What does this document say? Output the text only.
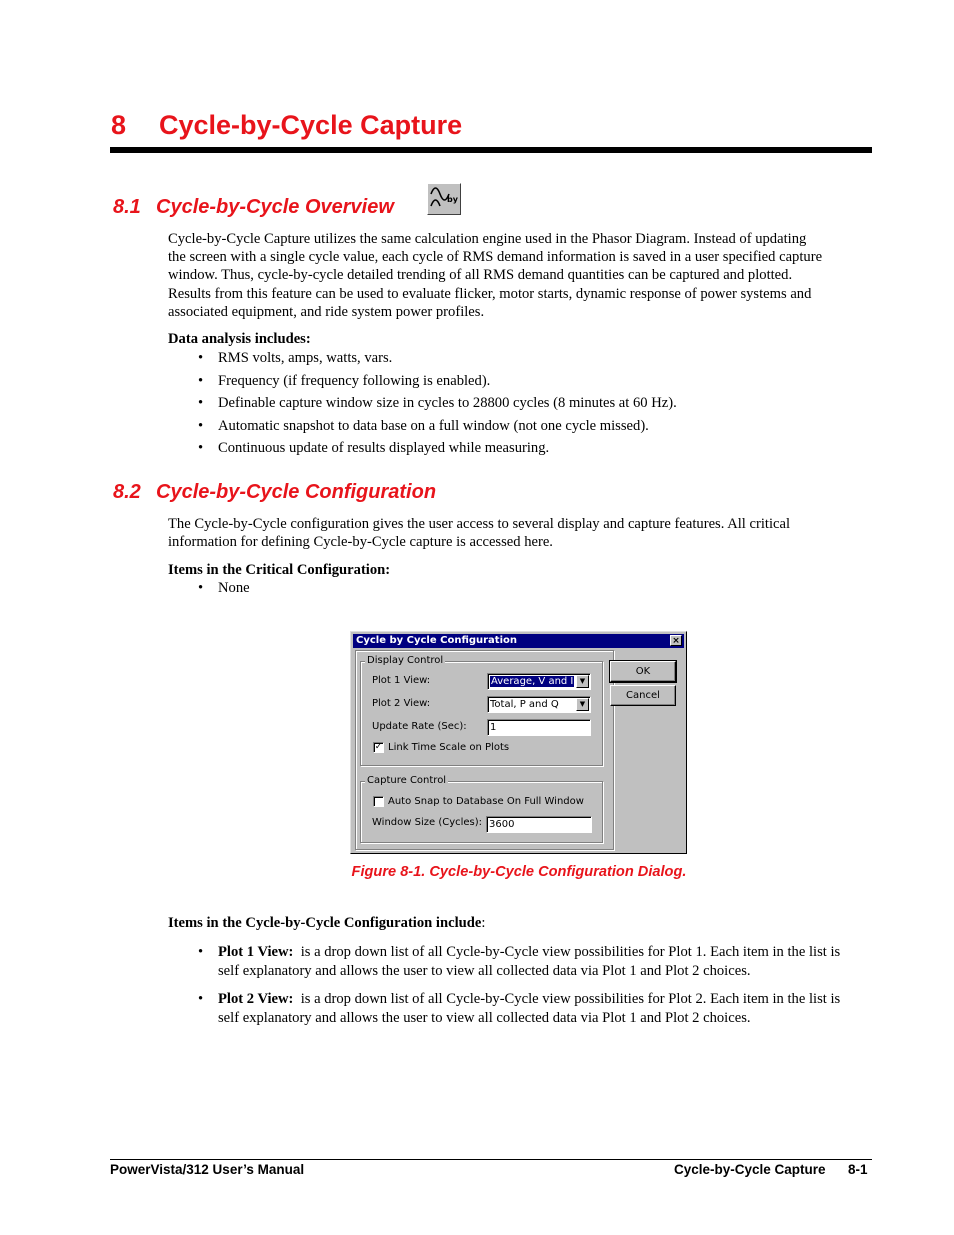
8 Cycle-by-Cycle Capture
8.1 Cycle-by-Cycle Overview	by
Cycle-by-Cycle Capture utilizes the same calculation engine used in the Phasor Diagram. Instead of updating
the screen with a single cycle value, each cycle of RMS demand information is saved in a user specified capture
window. Thus, cycle-by-cycle detailed trending of all RMS demand quantities can be captured and plotted.
Results from this feature can be used to evaluate flicker, motor starts, dynamic response of power systems and
associated equipment, and ride system power profiles.
Data analysis includes:
• RMS volts, amps, watts, vars.
• Frequency (if frequency following is enabled).
• Definable capture window size in cycles to 28800 cycles (8 minutes at 60 Hz).
• Automatic snapshot to data base on a full window (not one cycle missed).
• Continuous update of results displayed while measuring.
8.2 Cycle-by-Cycle Configuration
The Cycle-by-Cycle configuration gives the user access to several display and capture features. All critical
information for defining Cycle-by-Cycle capture is accessed here.
Items in the Critical Configuration:
• None
Cycle by Cycle Configuration	×
Display Control
Plot 1 View:	Average, V and I ▼
Plot 2 View:	Total, P and Q	▼
Update Rate (Sec):	1
✓ Link Time Scale on Plots
Capture Control
Auto Snap to Database On Full Window
Window Size (Cycles): 3600
OK
Cancel
Figure 8-1. Cycle-by-Cycle Configuration Dialog.
Items in the Cycle-by-Cycle Configuration include:
• Plot 1 View: is a drop down list of all Cycle-by-Cycle view possibilities for Plot 1. Each item in the list is self explanatory and allows the user to view all collected data via Plot 1 and Plot 2 choices.
• Plot 2 View: is a drop down list of all Cycle-by-Cycle view possibilities for Plot 2. Each item in the list is self explanatory and allows the user to view all collected data via Plot 1 and Plot 2 choices.
PowerVista/312 User’s Manual	Cycle-by-Cycle Capture 8-1
